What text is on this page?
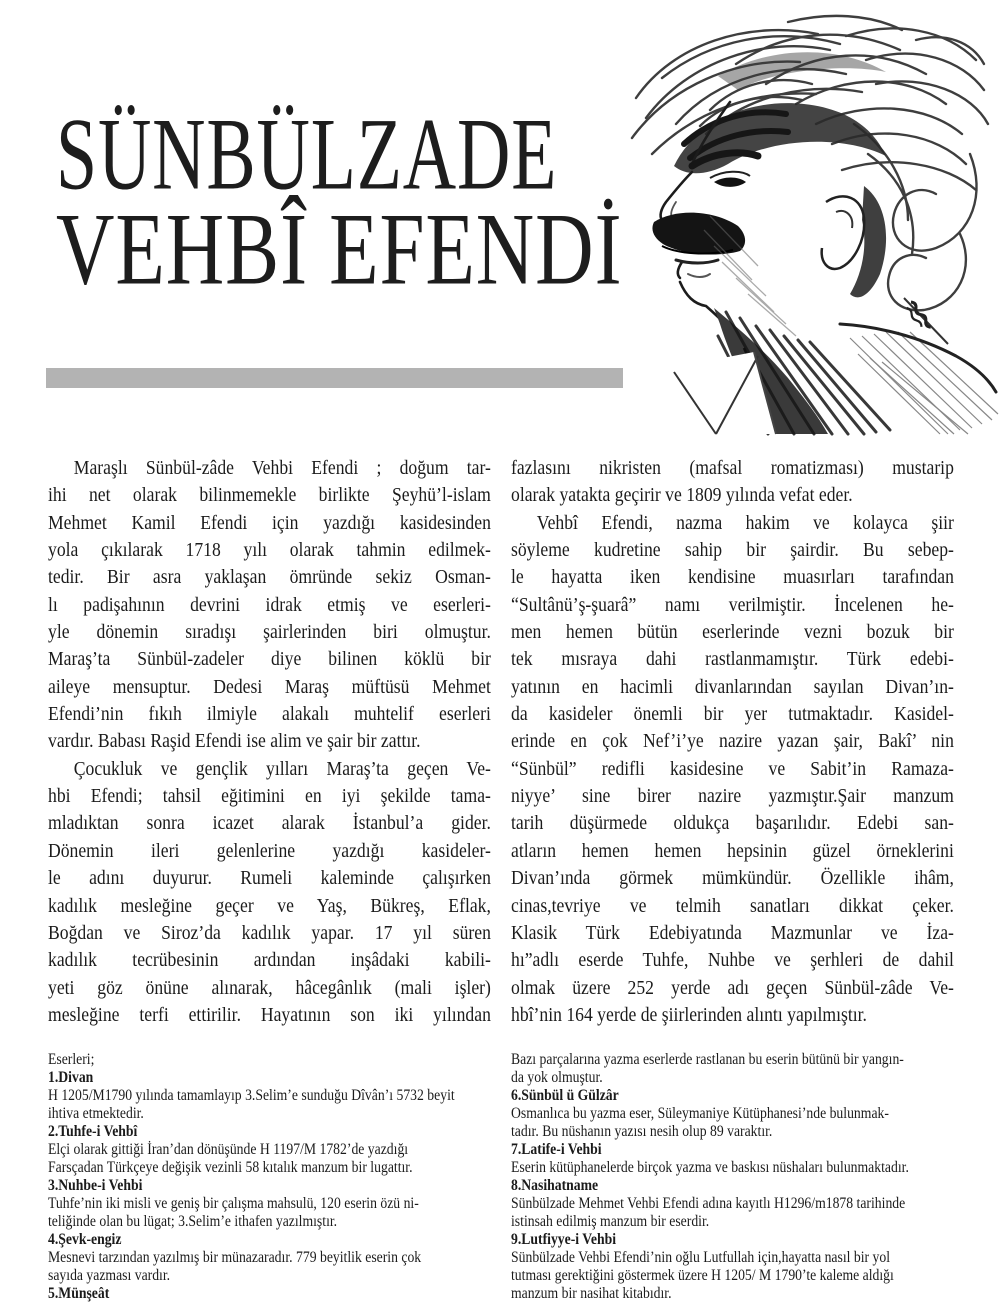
SÜNBÜLZADE
VEHBÎ EFENDİ
Maraşlı Sünbül-zâde Vehbi Efendi ; doğum tar-
ihi net olarak bilinmemekle birlikte Şeyhü’l-islam
Mehmet Kamil Efendi için yazdığı kasidesinden
yola çıkılarak 1718 yılı olarak tahmin edilmek-
tedir. Bir asra yaklaşan ömründe sekiz Osman-
lı padişahının devrini idrak etmiş ve eserleri-
yle dönemin sıradışı şairlerinden biri olmuştur.
Maraş’ta Sünbül-zadeler diye bilinen köklü bir
aileye mensuptur. Dedesi Maraş müftüsü Mehmet
Efendi’nin fıkıh ilmiyle alakalı muhtelif eserleri
vardır. Babası Raşid Efendi ise alim ve şair bir zattır.
Çocukluk ve gençlik yılları Maraş’ta geçen Ve-
hbi Efendi; tahsil eğitimini en iyi şekilde tama-
mladıktan sonra icazet alarak İstanbul’a gider.
Dönemin ileri gelenlerine yazdığı kasideler-
le adını duyurur. Rumeli kaleminde çalışırken
kadılık mesleğine geçer ve Yaş, Bükreş, Eflak,
Boğdan ve Siroz’da kadılık yapar. 17 yıl süren
kadılık tecrübesinin ardından inşâdaki kabili-
yeti göz önüne alınarak, hâcegânlık (mali işler)
mesleğine terfi ettirilir. Hayatının son iki yılından
fazlasını nikristen (mafsal romatizması) mustarip
olarak yatakta geçirir ve 1809 yılında vefat eder.
Vehbî Efendi, nazma hakim ve kolayca şiir
söyleme kudretine sahip bir şairdir. Bu sebep-
le hayatta iken kendisine muasırları tarafından
“Sultânü’ş-şuarâ” namı verilmiştir. İncelenen he-
men hemen bütün eserlerinde vezni bozuk bir
tek mısraya dahi rastlanmamıştır. Türk edebi-
yatının en hacimli divanlarından sayılan Divan’ın-
da kasideler önemli bir yer tutmaktadır. Kasidel-
erinde en çok Nef’i’ye nazire yazan şair, Bakî’ nin
“Sünbül” redifli kasidesine ve Sabit’in Ramaza-
niyye’ sine birer nazire yazmıştır.Şair manzum
tarih düşürmede oldukça başarılıdır. Edebi san-
atların hemen hemen hepsinin güzel örneklerini
Divan’ında görmek mümkündür. Özellikle ihâm,
cinas,tevriye ve telmih sanatları dikkat çeker.
Klasik Türk Edebiyatında Mazmunlar ve İza-
hı”adlı eserde Tuhfe, Nuhbe ve şerhleri de dahil
olmak üzere 252 yerde adı geçen Sünbül-zâde Ve-
hbî’nin 164 yerde de şiirlerinden alıntı yapılmıştır.
Eserleri;
1.Divan
H 1205/M1790 yılında tamamlayıp 3.Selim’e sunduğu Dîvân’ı 5732 beyit
ihtiva etmektedir.
2.Tuhfe-i Vehbî
Elçi olarak gittiği İran’dan dönüşünde H 1197/M 1782’de yazdığı
Farsçadan Türkçeye değişik vezinli 58 kıtalık manzum bir lugattır.
3.Nuhbe-i Vehbi
Tuhfe’nin iki misli ve geniş bir çalışma mahsulü, 120 eserin özü ni-
teliğinde olan bu lügat; 3.Selim’e ithafen yazılmıştır.
4.Şevk-engiz
Mesnevi tarzından yazılmış bir münazaradır. 779 beyitlik eserin çok
sayıda yazması vardır.
5.Münşeât
Bazı parçalarına yazma eserlerde rastlanan bu eserin bütünü bir yangın-
da yok olmuştur.
6.Sünbül ü Gülzâr
Osmanlıca bu yazma eser, Süleymaniye Kütüphanesi’nde bulunmak-
tadır. Bu nüshanın yazısı nesih olup 89 varaktır.
7.Latife-i Vehbi
Eserin kütüphanelerde birçok yazma ve baskısı nüshaları bulunmaktadır.
8.Nasihatname
Sünbülzade Mehmet Vehbi Efendi adına kayıtlı H1296/m1878 tarihinde
istinsah edilmiş manzum bir eserdir.
9.Lutfiyye-i Vehbi
Sünbülzade Vehbi Efendi’nin oğlu Lutfullah için,hayatta nasıl bir yol
tutması gerektiğini göstermek üzere H 1205/ M 1790’te kaleme aldığı
manzum bir nasihat kitabıdır.
